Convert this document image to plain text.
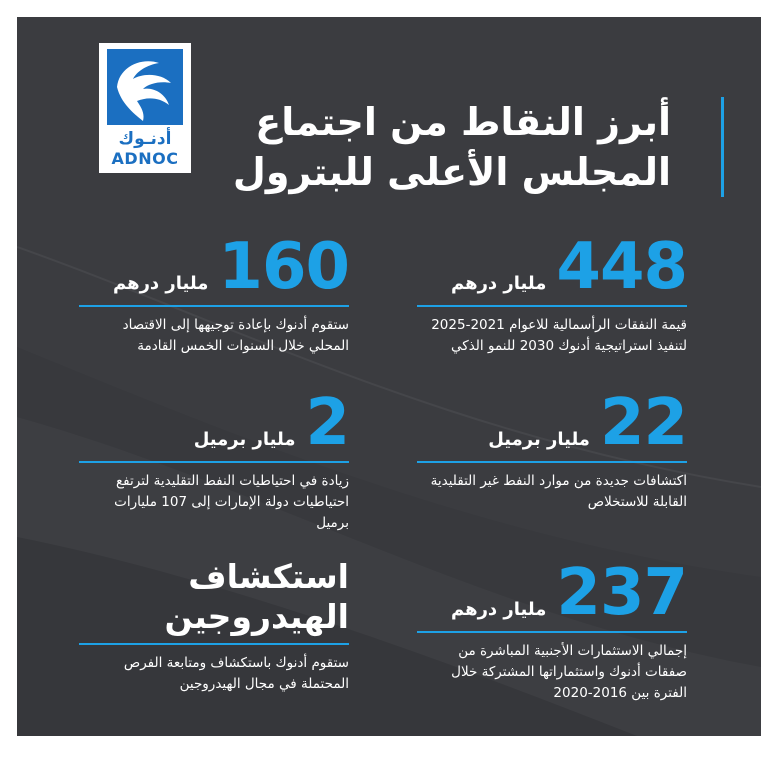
أدنـوك
ADNOC
أبرز النقاط من اجتماع
المجلس الأعلى للبترول
448
مليار درهم
قيمة النفقات الرأسمالية للاعوام 2021-2025 لتنفيذ استراتيجية أدنوك 2030 للنمو الذكي
22
مليار برميل
اكتشافات جديدة من موارد النفط غير التقليدية القابلة للاستخلاص
237
مليار درهم
إجمالي الاستثمارات الأجنبية المباشرة من صفقات أدنوك واستثماراتها المشتركة خلال الفترة بين 2016-2020
160
مليار درهم
ستقوم أدنوك بإعادة توجيهها إلى الاقتصاد المحلي خلال السنوات الخمس القادمة
2
مليار برميل
زيادة في احتياطيات النفط التقليدية لترتفع احتياطيات دولة الإمارات إلى 107 مليارات برميل
استكشاف
الهيدروجين
ستقوم أدنوك باستكشاف ومتابعة الفرص المحتملة في مجال الهيدروجين
